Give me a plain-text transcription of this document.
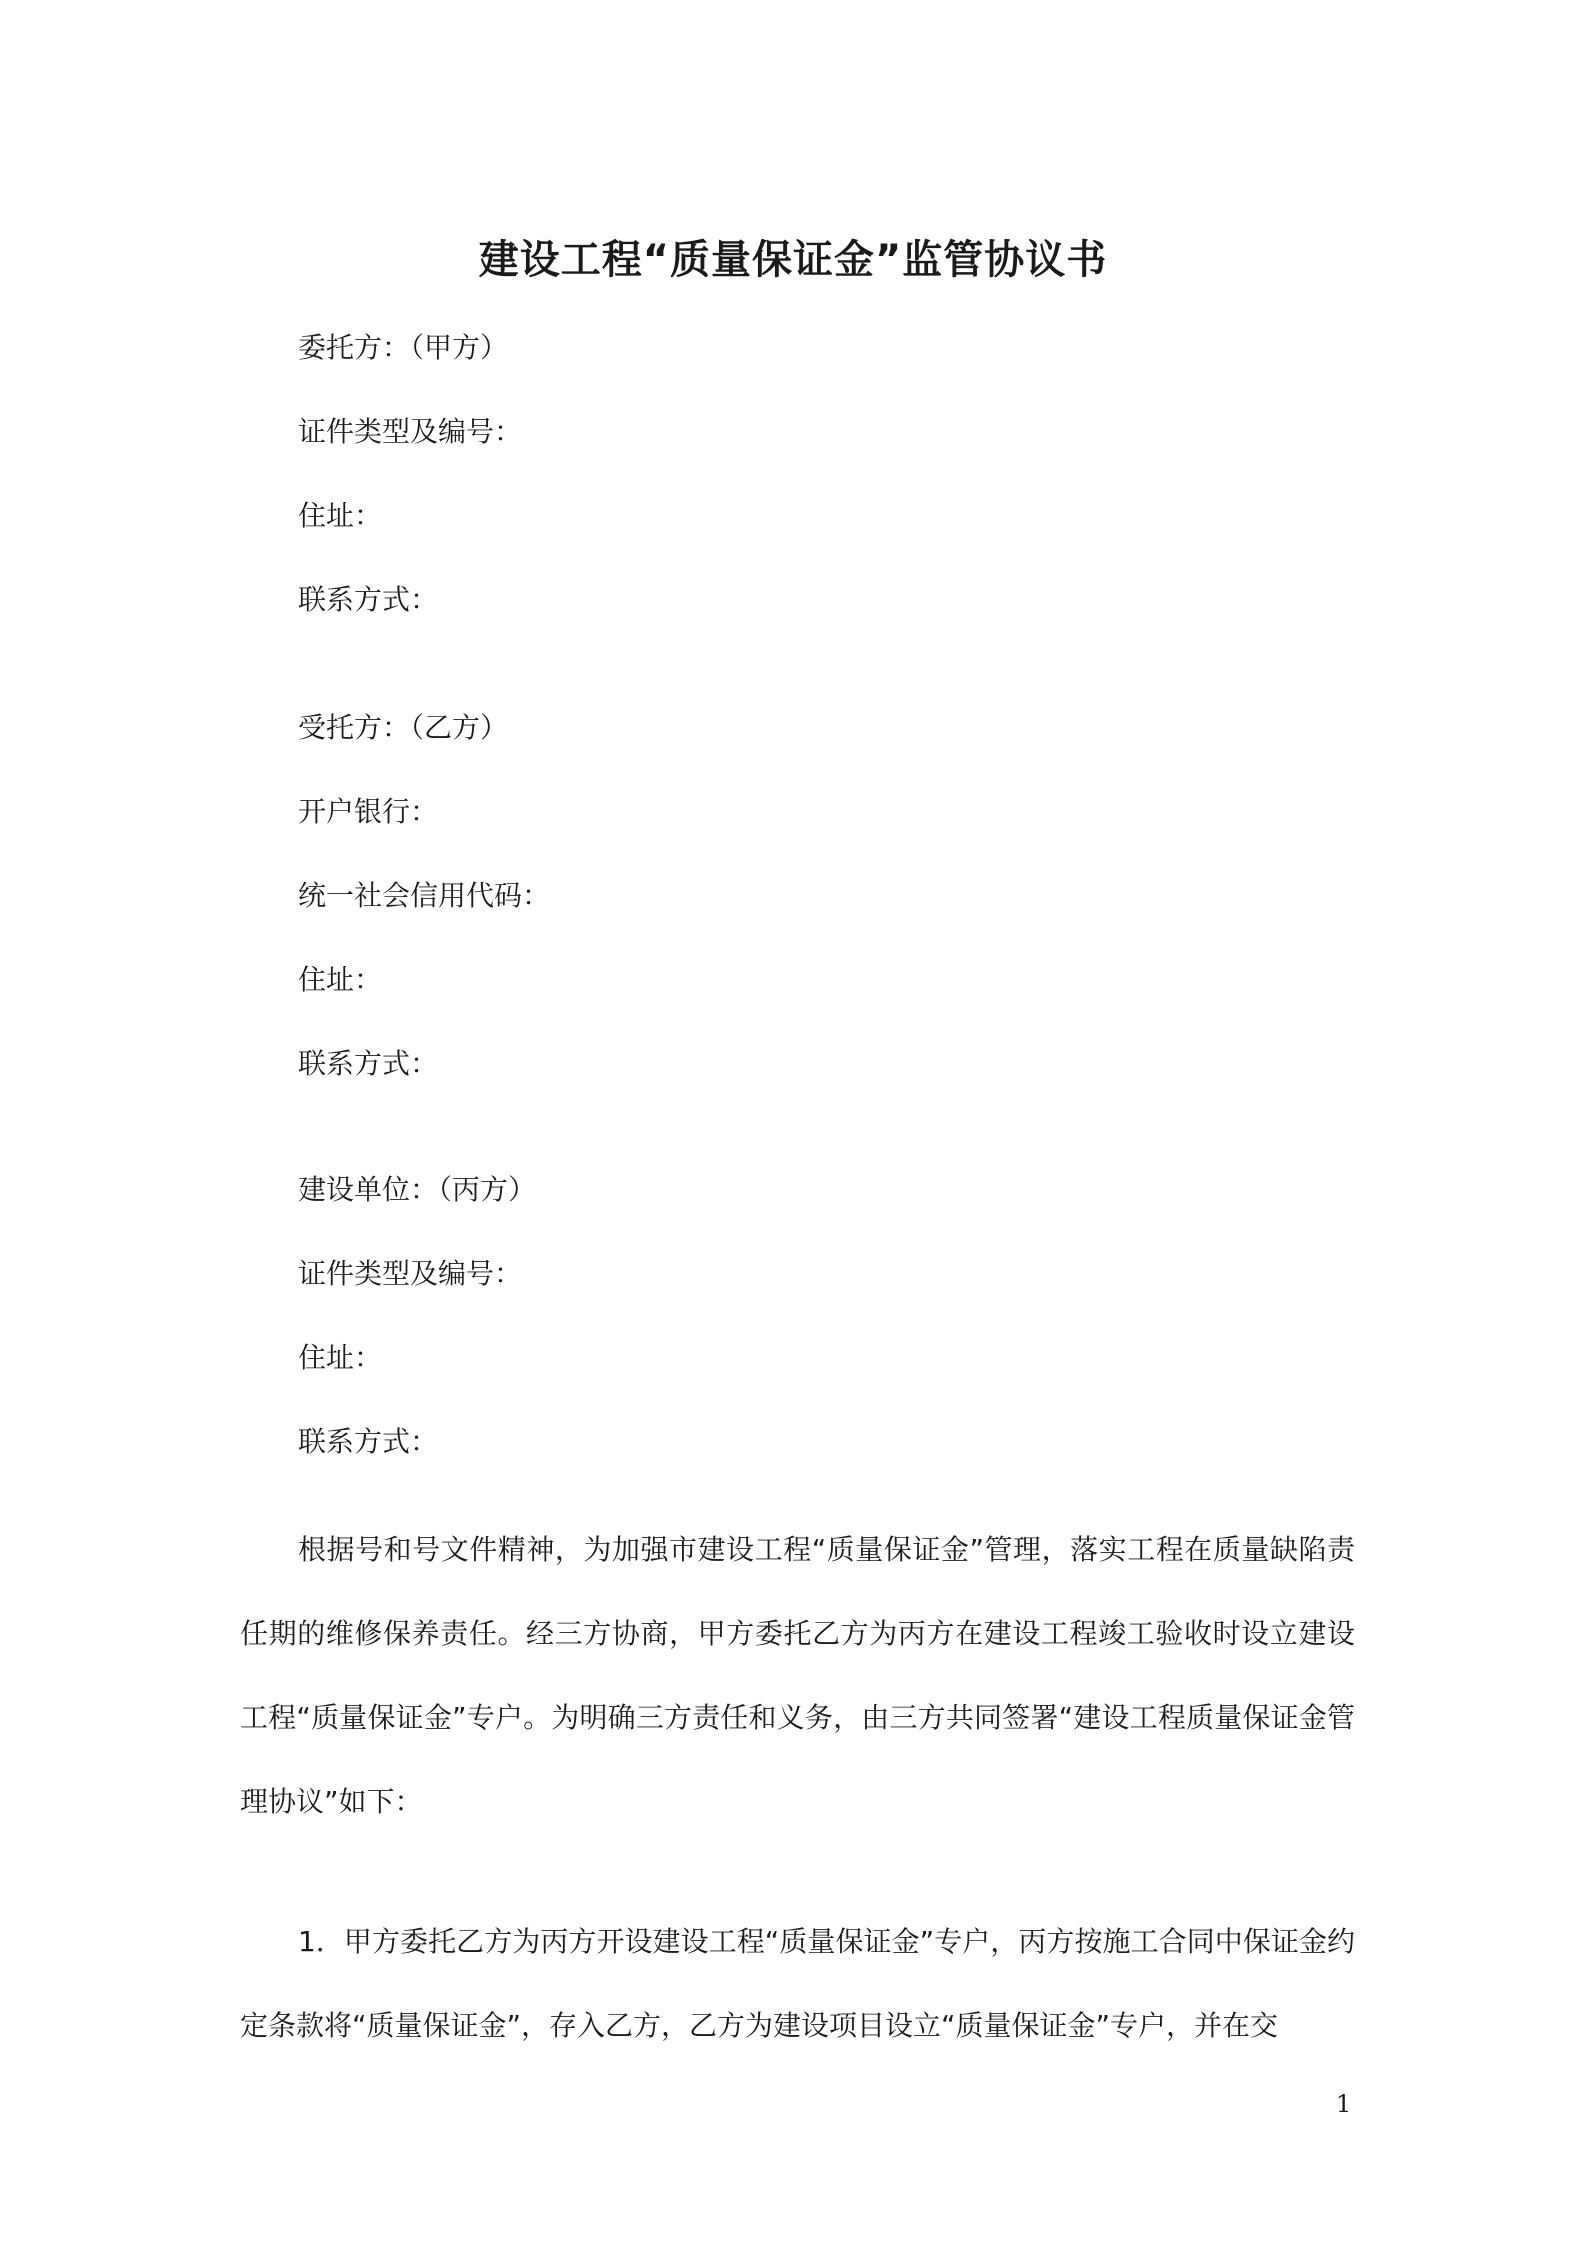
建设工程“质量保证金”监管协议书
委托方：（甲方）
证件类型及编号：
住址：
联系方式：
受托方：（乙方）
开户银行：
统一社会信用代码：
住址：
联系方式：
建设单位：（丙方）
证件类型及编号：
住址：
联系方式：

根据号和号文件精神，为加强市建设工程“质量保证金”管理，落实工程在质量缺陷责任期的维修保养责任。经三方协商，甲方委托乙方为丙方在建设工程竣工验收时设立建设工程“质量保证金”专户。为明确三方责任和义务，由三方共同签署“建设工程质量保证金管理协议”如下：

1．甲方委托乙方为丙方开设建设工程“质量保证金”专户，丙方按施工合同中保证金约定条款将“质量保证金”，存入乙方，乙方为建设项目设立“质量保证金”专户，并在交

1
